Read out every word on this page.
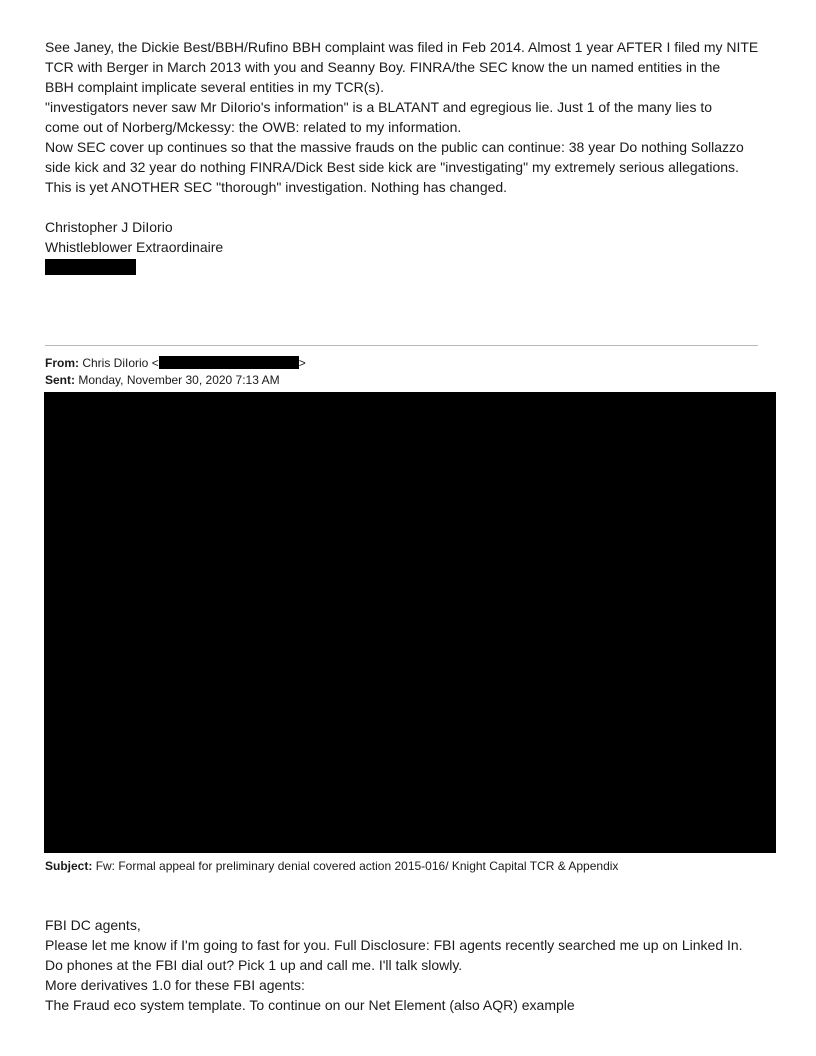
See Janey, the Dickie Best/BBH/Rufino BBH complaint was filed in Feb 2014. Almost 1 year AFTER I filed my NITE

TCR with Berger in March 2013 with you and Seanny Boy. FINRA/the SEC know the un named entities in the

BBH complaint implicate several entities in my TCR(s).

"investigators never saw Mr DiIorio's information" is a BLATANT and egregious lie. Just 1 of the many lies to

come out of Norberg/Mckessy: the OWB: related to my information.

Now SEC cover up continues so that the massive frauds on the public can continue: 38 year Do nothing Sollazzo

side kick and 32 year do nothing FINRA/Dick Best side kick are "investigating" my extremely serious allegations.

This is yet ANOTHER SEC "thorough" investigation. Nothing has changed.

Christopher J DiIorio

Whistleblower Extraordinaire

From: Chris DiIorio <	>
Sent: Monday, November 30, 2020 7:13 AM
Subject: Fw: Formal appeal for preliminary denial covered action 2015-016/ Knight Capital TCR & Appendix

FBI DC agents,

Please let me know if I'm going to fast for you. Full Disclosure: FBI agents recently searched me up on Linked In.

Do phones at the FBI dial out? Pick 1 up and call me. I'll talk slowly.

More derivatives 1.0 for these FBI agents:

The Fraud eco system template. To continue on our Net Element (also AQR) example
